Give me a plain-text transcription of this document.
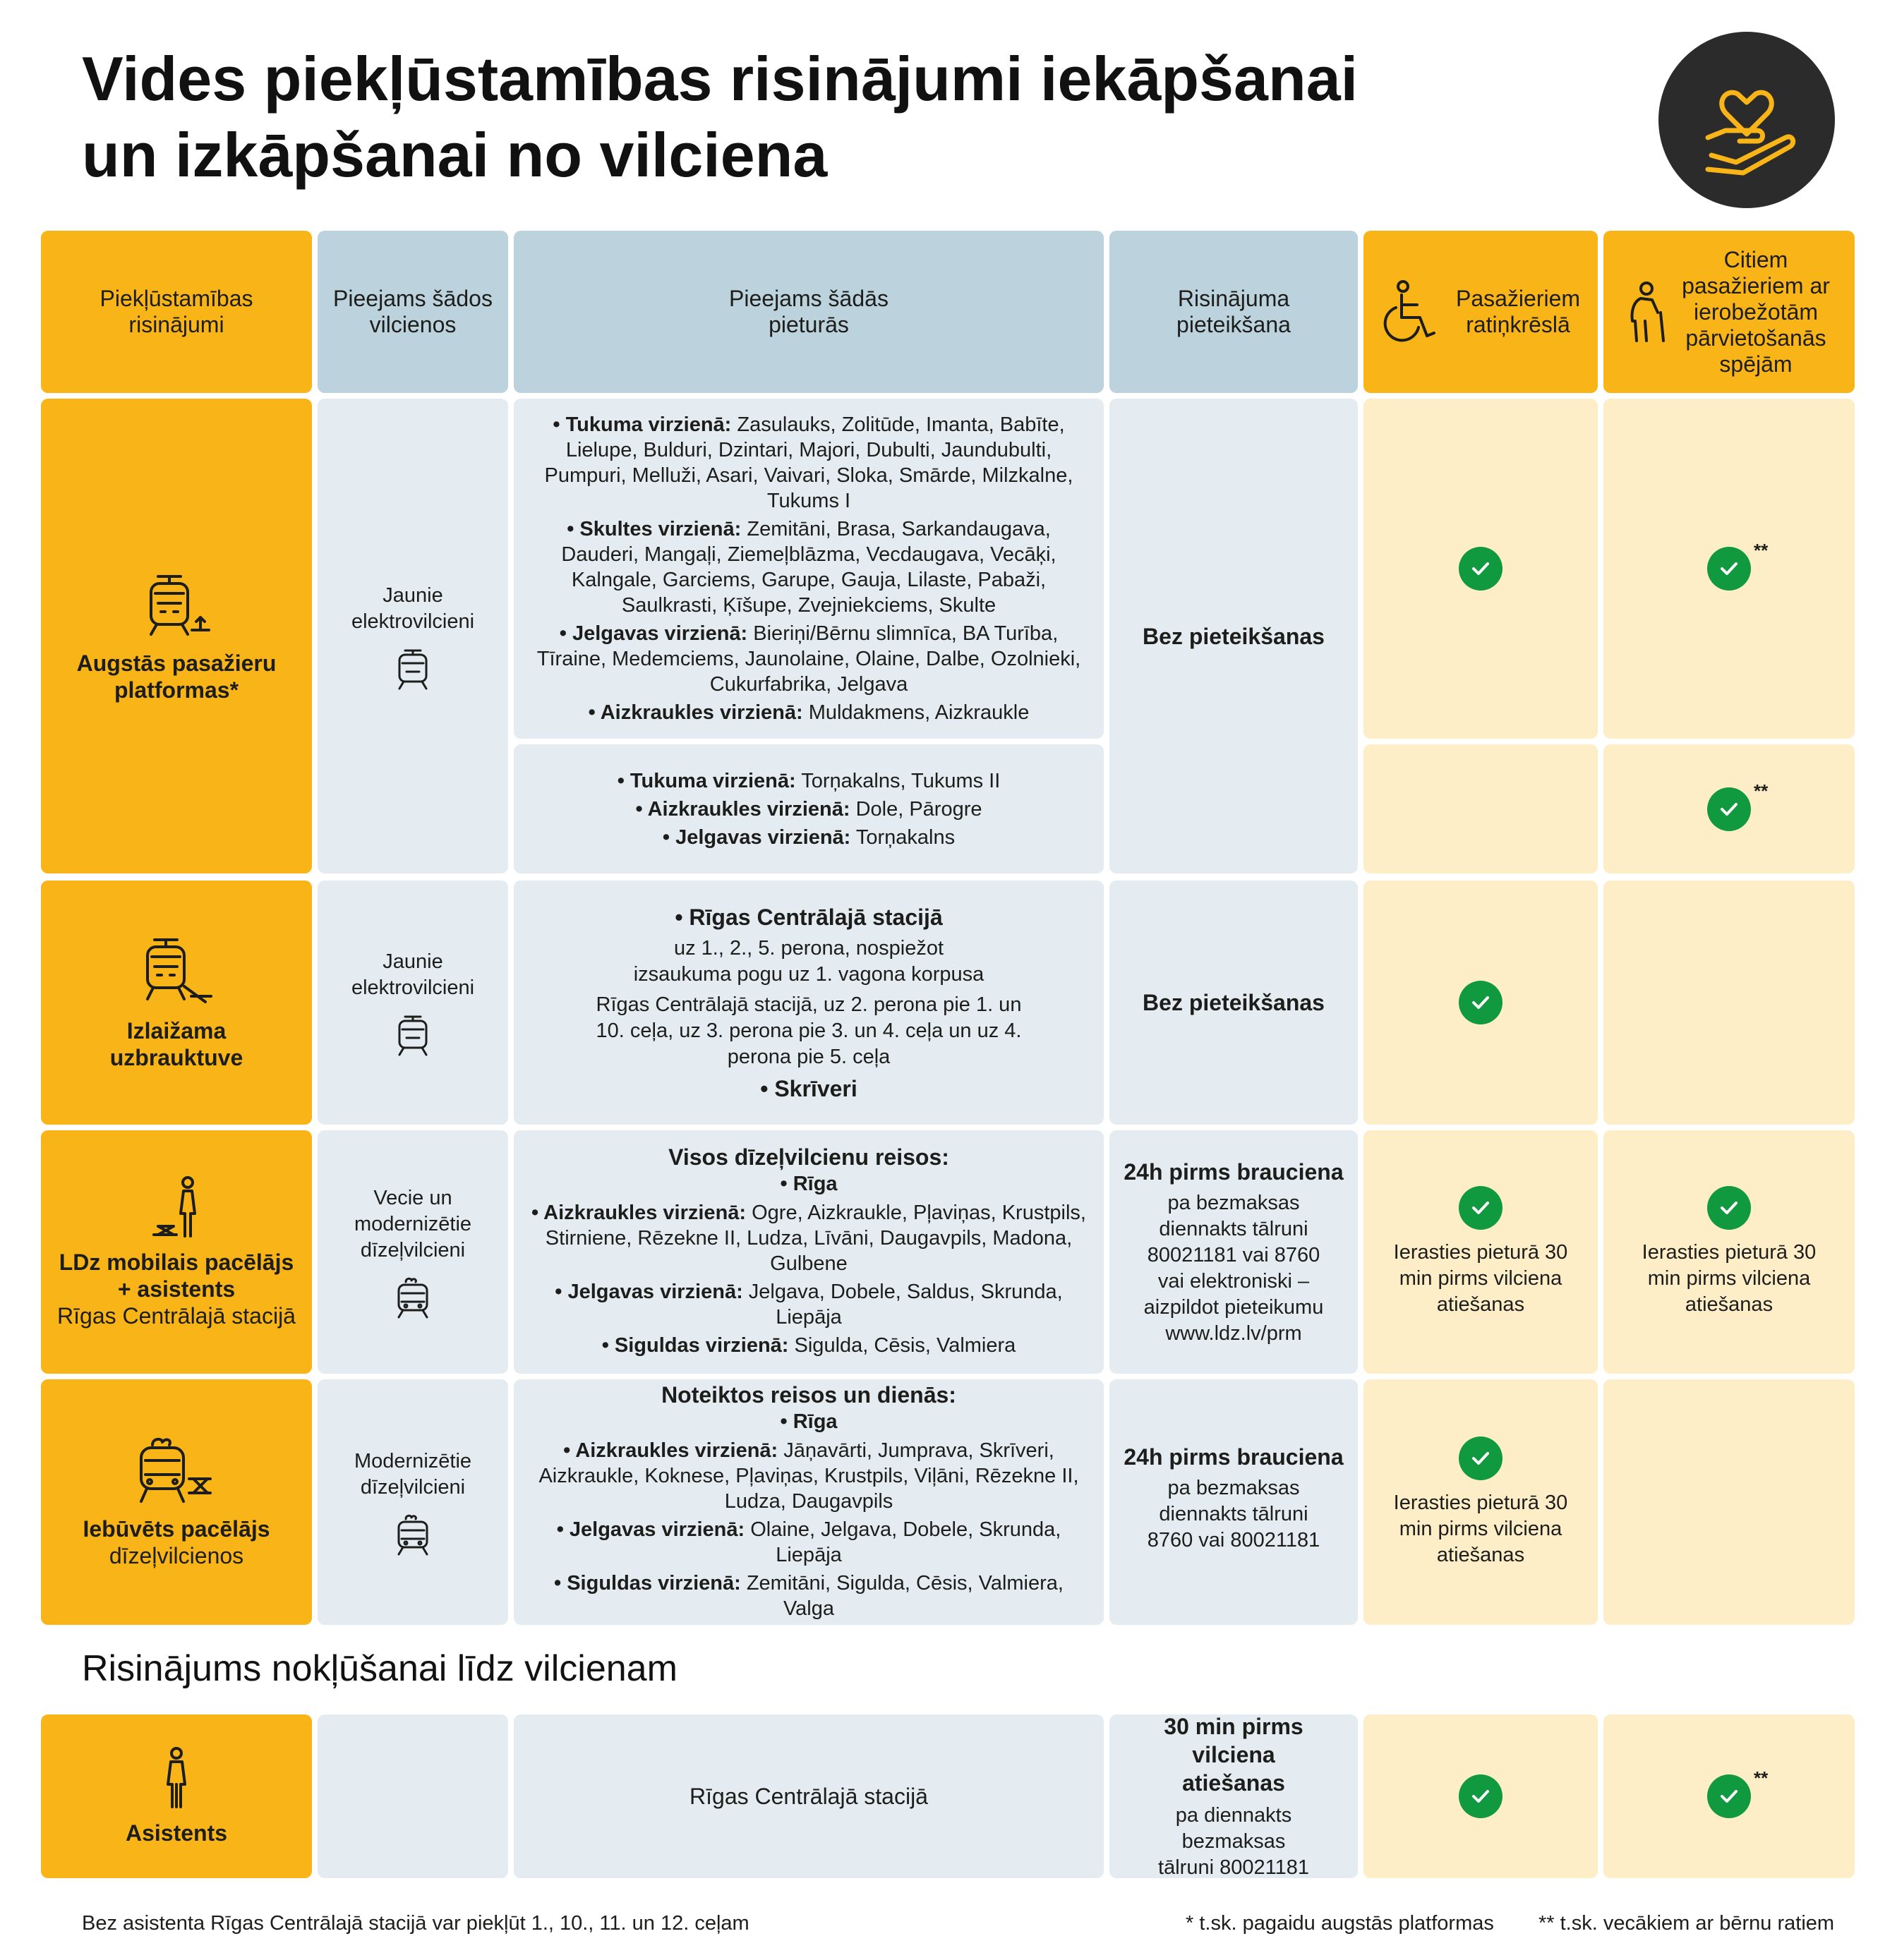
Vides piekļūstamības risinājumi iekāpšanai
un izkāpšanai no vilciena
Piekļūstamības risinājumi
Pieejams šādos vilcienos
Pieejams šādās pieturās
Risinājuma pieteikšana
Pasažieriem ratiņkrēslā
Citiem pasažieriem ar ierobežotām pārvietošanās spējām
Augstās pasažieru platformas*
Jaunie elektrovilcieni
• Tukuma virzienā: Zasulauks, Zolitūde, Imanta, Babīte, Lielupe, Bulduri, Dzintari, Majori, Dubulti, Jaundubulti, Pumpuri, Melluži, Asari, Vaivari, Sloka, Smārde, Milzkalne, Tukums I
• Skultes virzienā: Zemitāni, Brasa, Sarkandaugava, Dauderi, Mangaļi, Ziemeļblāzma, Vecdaugava, Vecāķi, Kalngale, Garciems, Garupe, Gauja, Lilaste, Pabaži, Saulkrasti, Ķīšupe, Zvejniekciems, Skulte
• Jelgavas virzienā: Bieriņi/Bērnu slimnīca, BA Turība, Tīraine, Medemciems, Jaunolaine, Olaine, Dalbe, Ozolnieki, Cukurfabrika, Jelgava
• Aizkraukles virzienā: Muldakmens, Aizkraukle
• Tukuma virzienā: Torņakalns, Tukums II
• Aizkraukles virzienā: Dole, Pārogre
• Jelgavas virzienā: Torņakalns
Bez pieteikšanas
**
**
Izlaižama uzbrauktuve
Jaunie elektrovilcieni
• Rīgas Centrālajā stacijā
uz 1., 2., 5. perona, nospiežot izsaukuma pogu uz 1. vagona korpusa
Rīgas Centrālajā stacijā, uz 2. perona pie 1. un 10. ceļa, uz 3. perona pie 3. un 4. ceļa un uz 4. perona pie 5. ceļa
• Skrīveri
Bez pieteikšanas
LDz mobilais pacēlājs + asistents
Rīgas Centrālajā stacijā
Vecie un modernizētie dīzeļvilcieni
Visos dīzeļvilcienu reisos:
• Rīga
• Aizkraukles virzienā: Ogre, Aizkraukle, Pļaviņas, Krustpils, Stirniene, Rēzekne II, Ludza, Līvāni, Daugavpils, Madona, Gulbene
• Jelgavas virzienā: Jelgava, Dobele, Saldus, Skrunda, Liepāja
• Siguldas virzienā: Sigulda, Cēsis, Valmiera
24h pirms brauciena
pa bezmaksas diennakts tālruni 80021181 vai 8760 vai elektroniski – aizpildot pieteikumu www.ldz.lv/prm
Ierasties pieturā 30 min pirms vilciena atiešanas
Ierasties pieturā 30 min pirms vilciena atiešanas
Iebūvēts pacēlājs
dīzeļvilcienos
Modernizētie dīzeļvilcieni
Noteiktos reisos un dienās:
• Rīga
• Aizkraukles virzienā: Jāņavārti, Jumprava, Skrīveri, Aizkraukle, Koknese, Pļaviņas, Krustpils, Viļāni, Rēzekne II, Ludza, Daugavpils
• Jelgavas virzienā: Olaine, Jelgava, Dobele, Skrunda, Liepāja
• Siguldas virzienā: Zemitāni, Sigulda, Cēsis, Valmiera, Valga
24h pirms brauciena
pa bezmaksas diennakts tālruni 8760 vai 80021181
Ierasties pieturā 30 min pirms vilciena atiešanas
Risinājums nokļūšanai līdz vilcienam
Asistents
Rīgas Centrālajā stacijā
30 min pirms vilciena atiešanas
pa diennakts bezmaksas tālruni 80021181
**
Bez asistenta Rīgas Centrālajā stacijā var piekļūt 1., 10., 11. un 12. ceļam	* t.sk. pagaidu augstās platformas ** t.sk. vecākiem ar bērnu ratiem
